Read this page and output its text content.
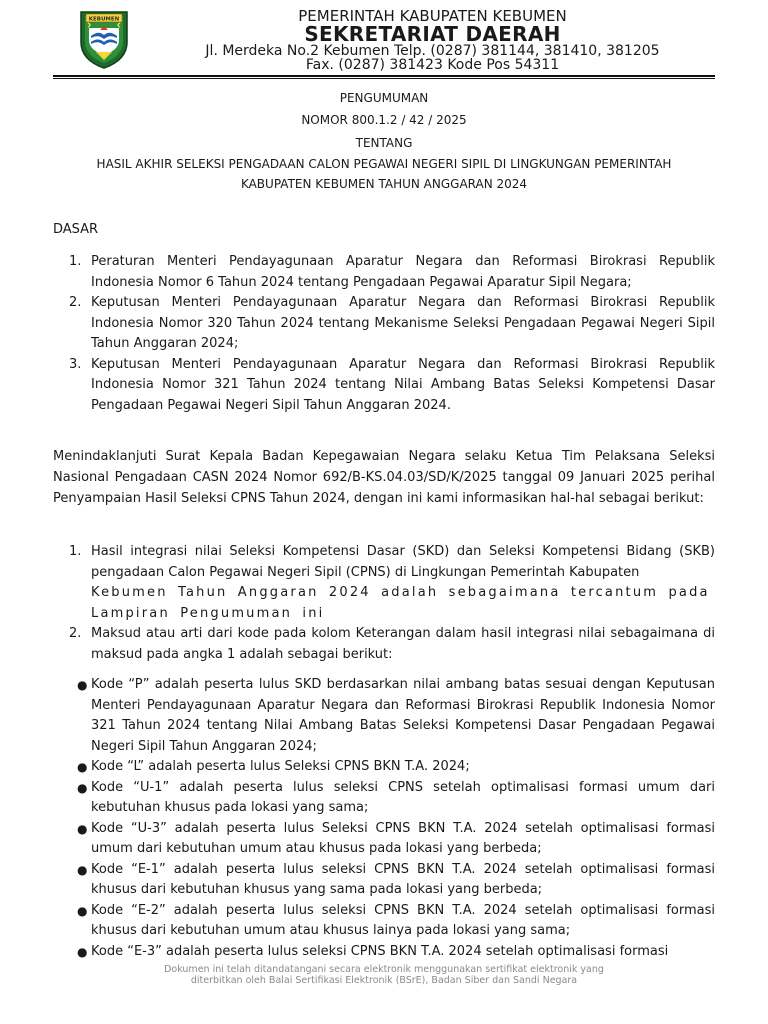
KEBUMEN	PEMERINTAH KABUPATEN KEBUMEN
SEKRETARIAT DAERAH
Jl. Merdeka No.2 Kebumen Telp. (0287) 381144, 381410, 381205
Fax. (0287) 381423 Kode Pos 54311
PENGUMUMAN
NOMOR 800.1.2 / 42 / 2025
TENTANG
HASIL AKHIR SELEKSI PENGADAAN CALON PEGAWAI NEGERI SIPIL DI LINGKUNGAN PEMERINTAH
KABUPATEN KEBUMEN TAHUN ANGGARAN 2024
DASAR
1. Peraturan Menteri Pendayagunaan Aparatur Negara dan Reformasi Birokrasi Republik Indonesia Nomor 6 Tahun 2024 tentang Pengadaan Pegawai Aparatur Sipil Negara;
2. Keputusan Menteri Pendayagunaan Aparatur Negara dan Reformasi Birokrasi Republik Indonesia Nomor 320 Tahun 2024 tentang Mekanisme Seleksi Pengadaan Pegawai Negeri Sipil Tahun Anggaran 2024;
3. Keputusan Menteri Pendayagunaan Aparatur Negara dan Reformasi Birokrasi Republik Indonesia Nomor 321 Tahun 2024 tentang Nilai Ambang Batas Seleksi Kompetensi Dasar Pengadaan Pegawai Negeri Sipil Tahun Anggaran 2024.
Menindaklanjuti Surat Kepala Badan Kepegawaian Negara selaku Ketua Tim Pelaksana Seleksi Nasional Pengadaan CASN 2024 Nomor 692/B-KS.04.03/SD/K/2025 tanggal 09 Januari 2025 perihal Penyampaian Hasil Seleksi CPNS Tahun 2024, dengan ini kami informasikan hal-hal sebagai berikut:
1. Hasil integrasi nilai Seleksi Kompetensi Dasar (SKD) dan Seleksi Kompetensi Bidang (SKB) pengadaan Calon Pegawai Negeri Sipil (CPNS) di Lingkungan Pemerintah Kabupaten
Kebumen Tahun Anggaran 2024 adalah sebagaimana tercantum pada
Lampiran Pengumuman ini
2. Maksud atau arti dari kode pada kolom Keterangan dalam hasil integrasi nilai sebagaimana di maksud pada angka 1 adalah sebagai berikut:
● Kode “P” adalah peserta lulus SKD berdasarkan nilai ambang batas sesuai dengan Keputusan Menteri Pendayagunaan Aparatur Negara dan Reformasi Birokrasi Republik Indonesia Nomor 321 Tahun 2024 tentang Nilai Ambang Batas Seleksi Kompetensi Dasar Pengadaan Pegawai Negeri Sipil Tahun Anggaran 2024;
● Kode “L” adalah peserta lulus Seleksi CPNS BKN T.A. 2024;
● Kode “U-1” adalah peserta lulus seleksi CPNS setelah optimalisasi formasi umum dari kebutuhan khusus pada lokasi yang sama;
● Kode “U-3” adalah peserta lulus Seleksi CPNS BKN T.A. 2024 setelah optimalisasi formasi umum dari kebutuhan umum atau khusus pada lokasi yang berbeda;
● Kode “E-1” adalah peserta lulus seleksi CPNS BKN T.A. 2024 setelah optimalisasi formasi khusus dari kebutuhan khusus yang sama pada lokasi yang berbeda;
● Kode “E-2” adalah peserta lulus seleksi CPNS BKN T.A. 2024 setelah optimalisasi formasi khusus dari kebutuhan umum atau khusus lainya pada lokasi yang sama;
● Kode “E-3” adalah peserta lulus seleksi CPNS BKN T.A. 2024 setelah optimalisasi formasi
Dokumen ini telah ditandatangani secara elektronik menggunakan sertifikat elektronik yang
diterbitkan oleh Balai Sertifikasi Elektronik (BSrE), Badan Siber dan Sandi Negara
